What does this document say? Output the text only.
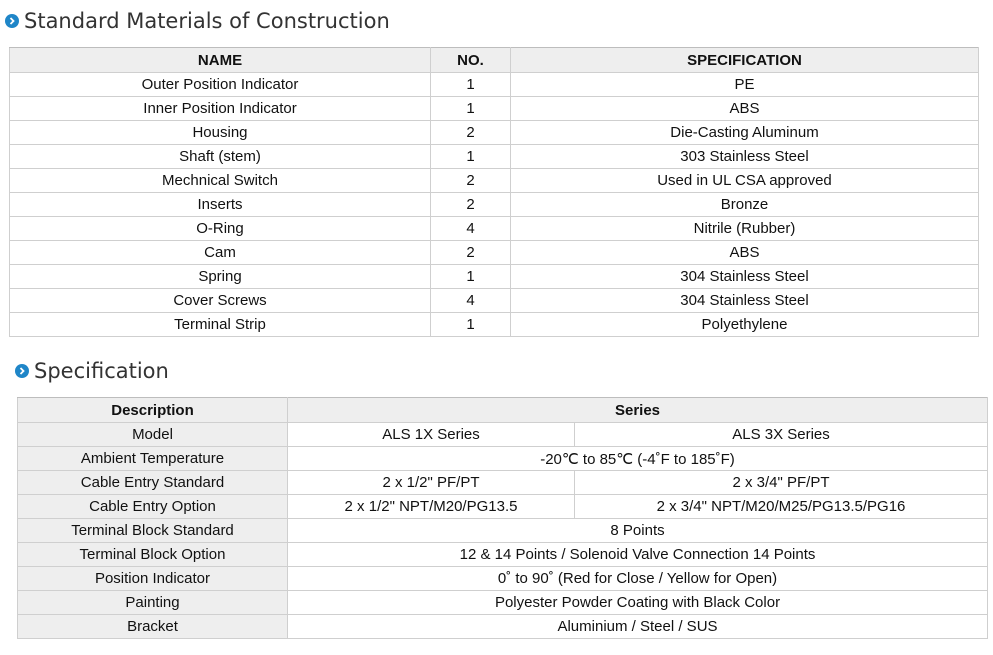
Standard Materials of Construction
NAME	NO.	SPECIFICATION
Outer Position Indicator	1	PE
Inner Position Indicator	1	ABS
Housing	2	Die-Casting Aluminum
Shaft (stem)	1	303 Stainless Steel
Mechnical Switch	2	Used in UL CSA approved
Inserts	2	Bronze
O-Ring	4	Nitrile (Rubber)
Cam	2	ABS
Spring	1	304 Stainless Steel
Cover Screws	4	304 Stainless Steel
Terminal Strip	1	Polyethylene
Specification
Description	Series	
Model	ALS 1X Series	ALS 3X Series
Ambient Temperature	-20℃ to 85℃ (-4˚F to 185˚F)	
Cable Entry Standard	2 x 1/2" PF/PT	2 x 3/4" PF/PT
Cable Entry Option	2 x 1/2" NPT/M20/PG13.5	2 x 3/4" NPT/M20/M25/PG13.5/PG16
Terminal Block Standard	8 Points	
Terminal Block Option	12 & 14 Points / Solenoid Valve Connection 14 Points	
Position Indicator	0˚ to 90˚ (Red for Close / Yellow for Open)	
Painting	Polyester Powder Coating with Black Color	
Bracket	Aluminium / Steel / SUS	
